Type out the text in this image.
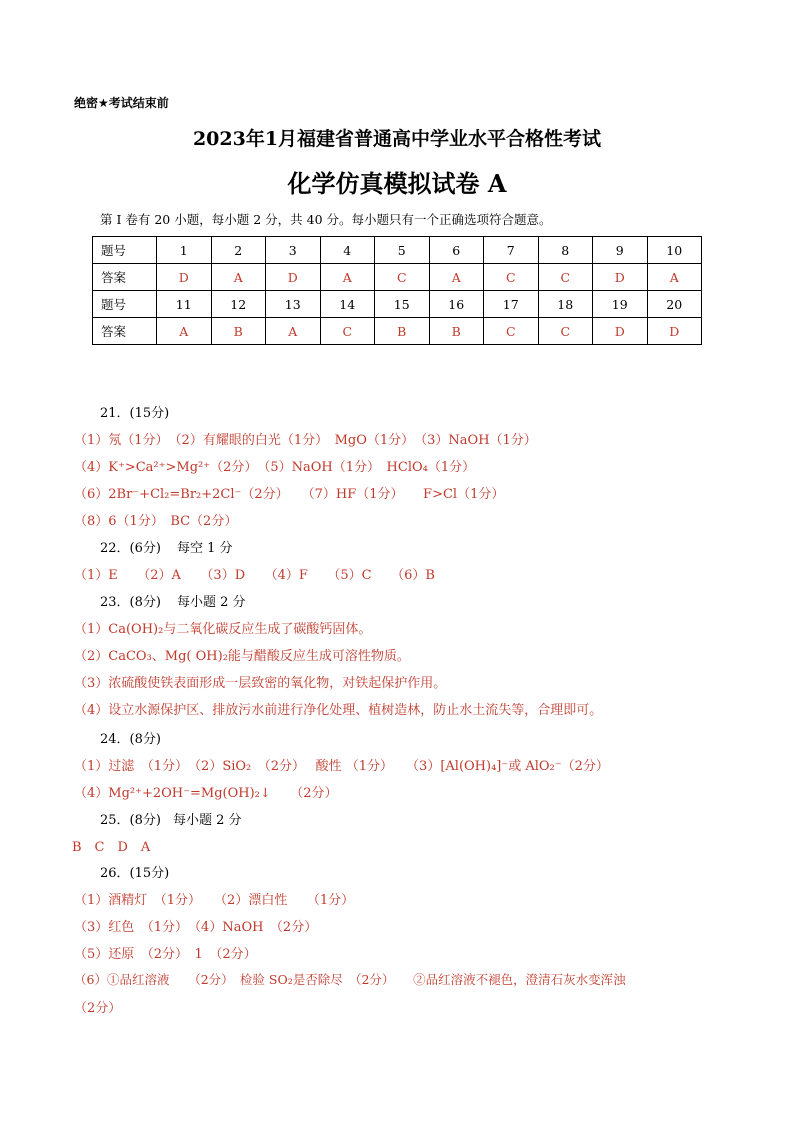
绝密★考试结束前
2023年1月福建省普通高中学业水平合格性考试
化学仿真模拟试卷 A
第 I 卷有 20 小题，每小题 2 分，共 40 分。每小题只有一个正确选项符合题意。
题号	1	2	3	4	5	6	7	8	9	10
答案	D	A	D	A	C	A	C	C	D	A
题号	11	12	13	14	15	16	17	18	19	20
答案	A	B	A	C	B	B	C	C	D	D
21．(15分)
（1）氖（1分）　（2）有耀眼的白光（1分）　MgO（1分）　（3）NaOH（1分）
（4）K⁺>Ca²⁺>Mg²⁺（2分）　（5）NaOH（1分）　HClO₄（1分）
（6）2Br⁻+Cl₂=Br₂+2Cl⁻（2分）　　（7）HF（1分）　　F>Cl（1分）
（8）6（1分）　BC（2分）
22．(6分) 每空 1 分
（1）E　　（2）A　　（3）D　　（4）F　　（5）C　　（6）B
23．(8分) 每小题 2 分
（1）Ca(OH)₂与二氧化碳反应生成了碳酸钙固体。
（2）CaCO₃、Mg( OH)₂能与醋酸反应生成可溶性物质。
（3）浓硫酸使铁表面形成一层致密的氧化物，对铁起保护作用。
（4）设立水源保护区、排放污水前进行净化处理、植树造林，防止水土流失等，合理即可。
24．(8分)
（1）过滤　（1分）　（2）SiO₂　（2分）　 酸性 （1分）　　（3）[Al(OH)₄]⁻或 AlO₂⁻（2分）
（4）Mg²⁺+2OH⁻=Mg(OH)₂↓　　（2分）
25．(8分) 每小题 2 分
B　C　D　A
26．(15分)
（1）酒精灯　（1分）　　（2）漂白性　　（1分）
（3）红色　（1分）　（4）NaOH　（2分）
（5）还原　（2分）　1　（2分）
（6）①品红溶液　　（2分）　检验 SO₂是否除尽　（2分）　　②品红溶液不褪色，澄清石灰水变浑浊
（2分）
